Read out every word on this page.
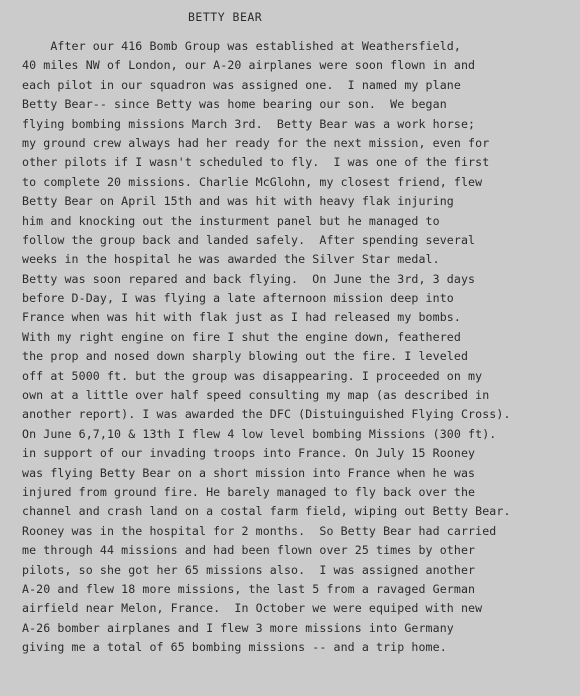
BETTY BEAR
After our 416 Bomb Group was established at Weathersfield,
40 miles NW of London, our A-20 airplanes were soon flown in and
each pilot in our squadron was assigned one.  I named my plane
Betty Bear-- since Betty was home bearing our son.  We began
flying bombing missions March 3rd.  Betty Bear was a work horse;
my ground crew always had her ready for the next mission, even for
other pilots if I wasn't scheduled to fly.  I was one of the first
to complete 20 missions. Charlie McGlohn, my closest friend, flew
Betty Bear on April 15th and was hit with heavy flak injuring
him and knocking out the insturment panel but he managed to
follow the group back and landed safely.  After spending several
weeks in the hospital he was awarded the Silver Star medal.
Betty was soon repared and back flying.  On June the 3rd, 3 days
before D-Day, I was flying a late afternoon mission deep into
France when was hit with flak just as I had released my bombs.
With my right engine on fire I shut the engine down, feathered
the prop and nosed down sharply blowing out the fire. I leveled
off at 5000 ft. but the group was disappearing. I proceeded on my
own at a little over half speed consulting my map (as described in
another report). I was awarded the DFC (Distuinguished Flying Cross).
On June 6,7,10 & 13th I flew 4 low level bombing Missions (300 ft).
in support of our invading troops into France. On July 15 Rooney
was flying Betty Bear on a short mission into France when he was
injured from ground fire. He barely managed to fly back over the
channel and crash land on a costal farm field, wiping out Betty Bear.
Rooney was in the hospital for 2 months.  So Betty Bear had carried
me through 44 missions and had been flown over 25 times by other
pilots, so she got her 65 missions also.  I was assigned another
A-20 and flew 18 more missions, the last 5 from a ravaged German
airfield near Melon, France.  In October we were equiped with new
A-26 bomber airplanes and I flew 3 more missions into Germany
giving me a total of 65 bombing missions -- and a trip home.
